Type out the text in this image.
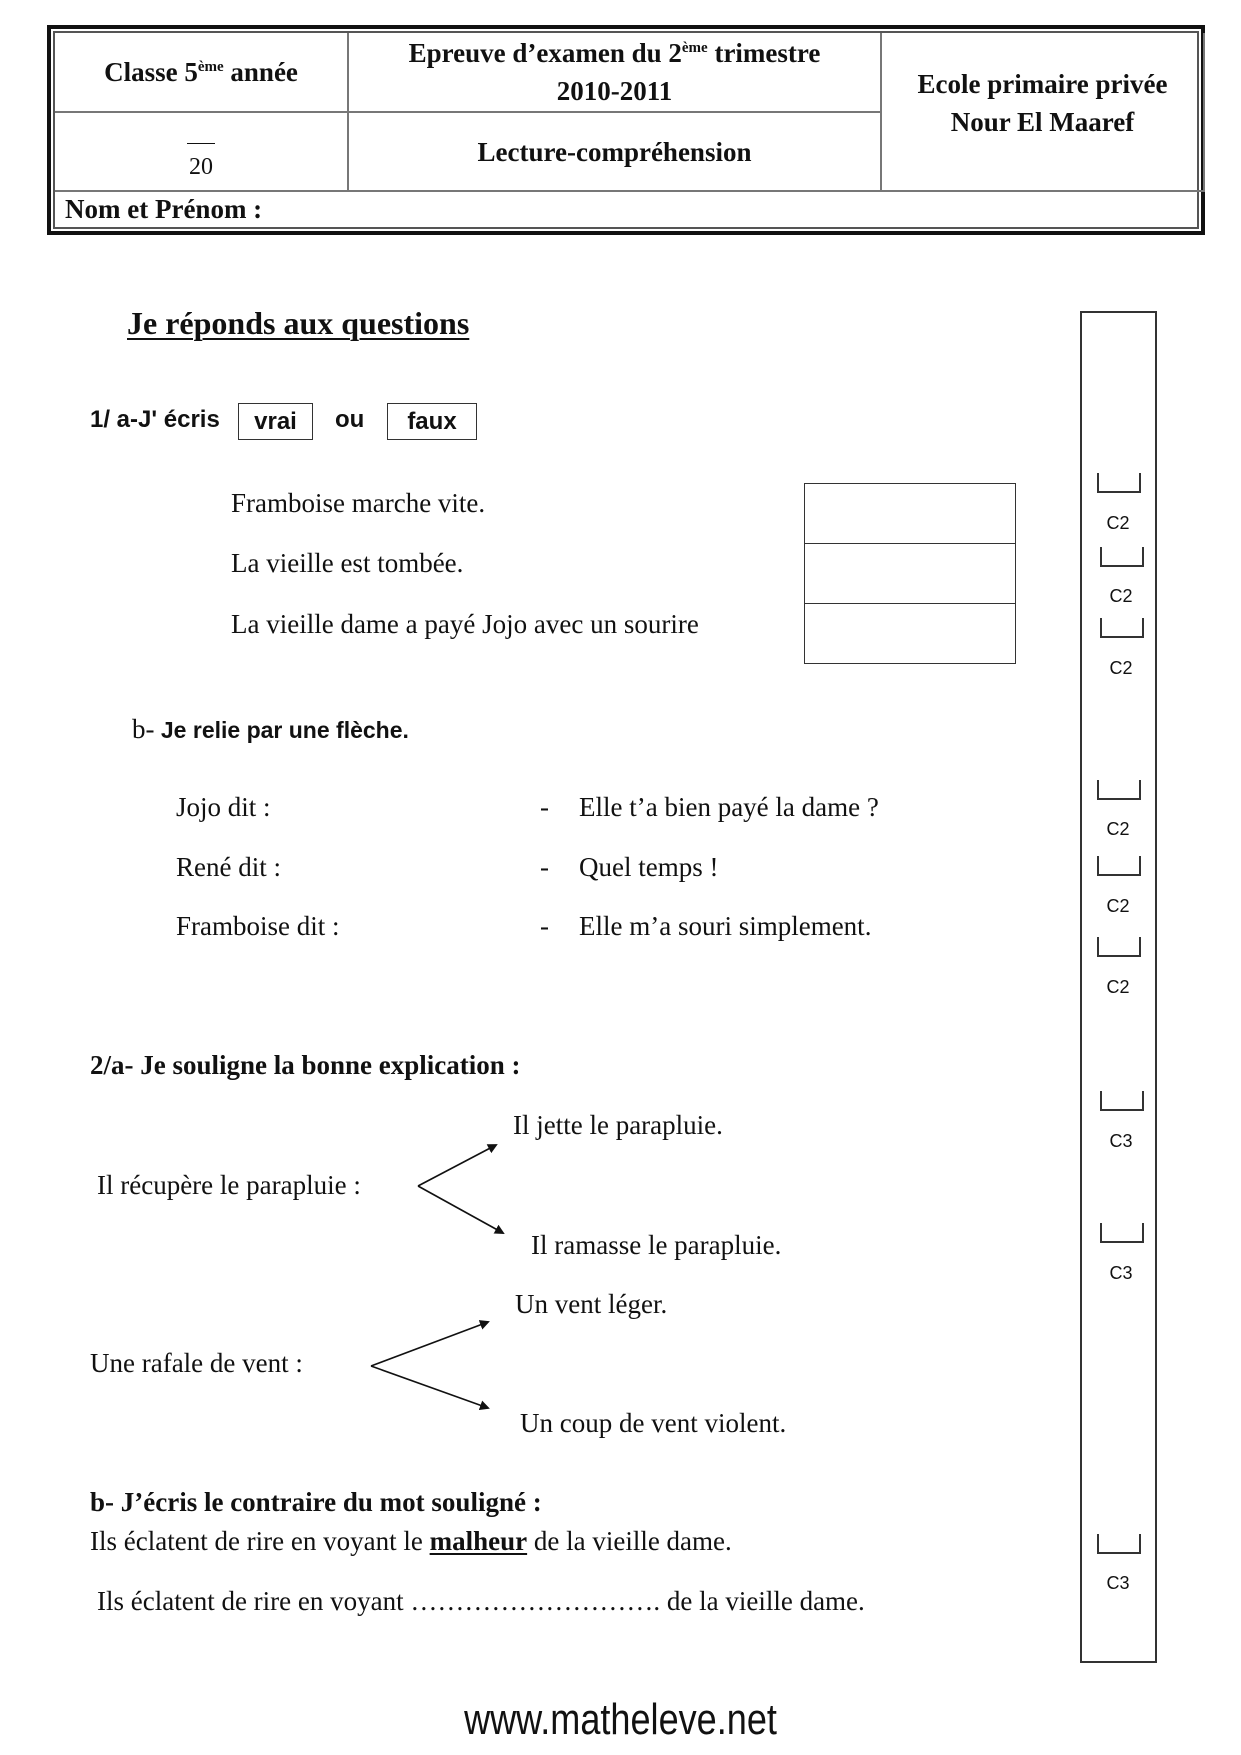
Classe 5ème année
Epreuve d’examen du 2ème trimestre
2010-2011	Ecole primaire privée
Nour El Maaref
20
Lecture-compréhension
Nom et Prénom :
Je réponds aux questions
1/ a-J' écris vrai ou faux
Framboise marche vite.
La vieille est tombée.
La vieille dame a payé Jojo avec un sourire
b- Je relie par une flèche.
Jojo dit :
René dit :
Framboise dit :
-
-
-
Elle t’a bien payé la dame ?
Quel temps !
Elle m’a souri simplement.
2/a- Je souligne la bonne explication :
Il récupère le parapluie :
Il jette le parapluie.
Il ramasse le parapluie.
Une rafale de vent :
Un vent léger.
Un coup de vent violent.
b- J’écris le contraire du mot souligné :
Ils éclatent de rire en voyant le malheur de la vieille dame.
Ils éclatent de rire en voyant ………………………. de la vieille dame.
C2
C2
C2
C2
C2
C2
C3
C3
C3
www.matheleve.net
